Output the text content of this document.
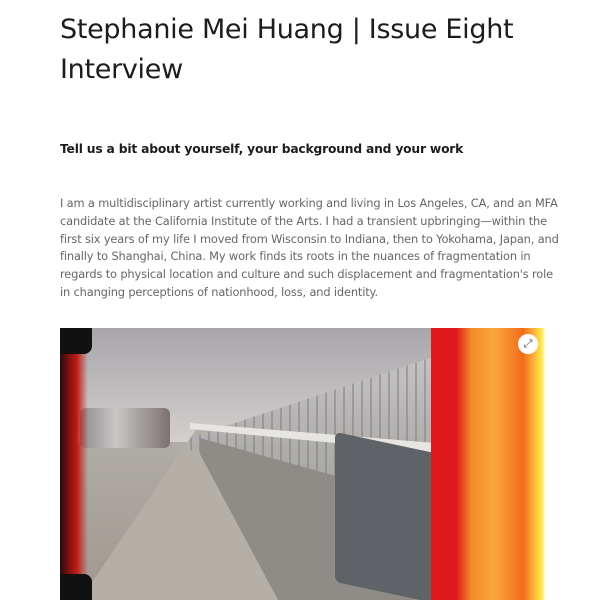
Stephanie Mei Huang | Issue Eight Interview
Tell us a bit about yourself, your background and your work

I am a multidisciplinary artist currently working and living in Los Angeles, CA, and an MFA candidate at the California Institute of the Arts. I had a transient upbringing—within the first six years of my life I moved from Wisconsin to Indiana, then to Yokohama, Japan, and finally to Shanghai, China. My work finds its roots in the nuances of fragmentation in regards to physical location and culture and such displacement and fragmentation's role in changing perceptions of nationhood, loss, and identity.

⤢
